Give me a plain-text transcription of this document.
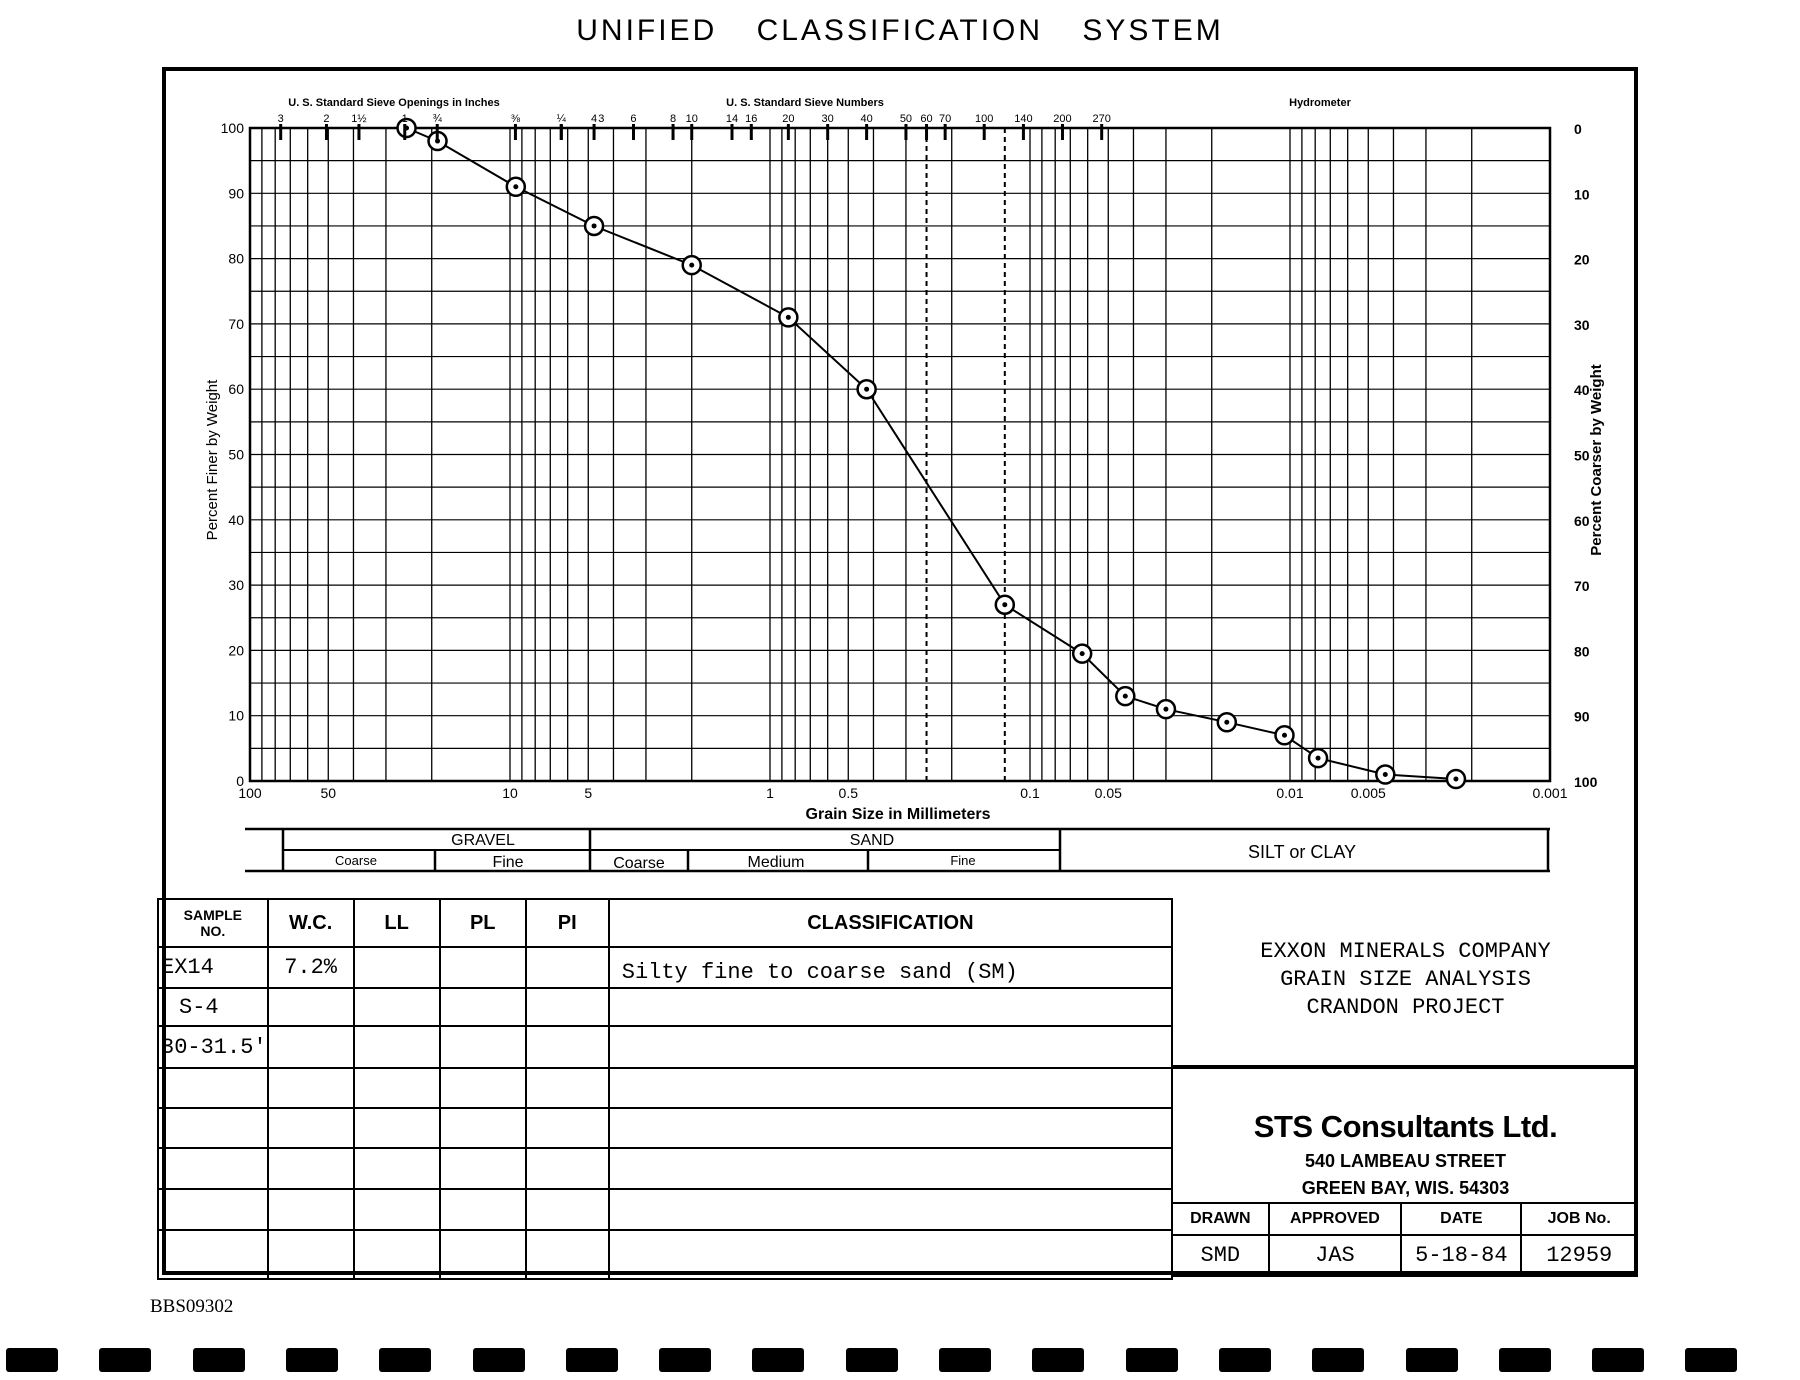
UNIFIED CLASSIFICATION SYSTEM
U. S. Standard Sieve Openings in Inches	U. S. Standard Sieve Numbers	Hydrometer
Grain Size in Millimeters
Percent Finer by Weight	Percent Coarser by Weight
0
10
20
30
40
50
60
70
80
90
100	0
10
20
30
40
50
60
70
80
90
100
100	50	10	5	1	0.5	0.1	0.05	0.01	0.005	0.001
3	2 1½	1 ¾	⅜	¼	3
4	6	8 10	14 16 20 30 40 50 60 70 100 140 200 270
GRAVEL
Coarse	Fine
SAND
Coarse	Medium	Fine	SILT or CLAY
SAMPLE
NO.	W.C.	LL	PL	PI	CLASSIFICATION
EX14	7.2%				Silty fine to coarse sand (SM)
S-4					
30-31.5'					

EXXON MINERALS COMPANY
GRAIN SIZE ANALYSIS
CRANDON PROJECT
STS Consultants Ltd.
540 LAMBEAU STREET
GREEN BAY, WIS. 54303
DRAWN	APPROVED	DATE	JOB No.
SMD	JAS	5-18-84	12959
BBS09302
